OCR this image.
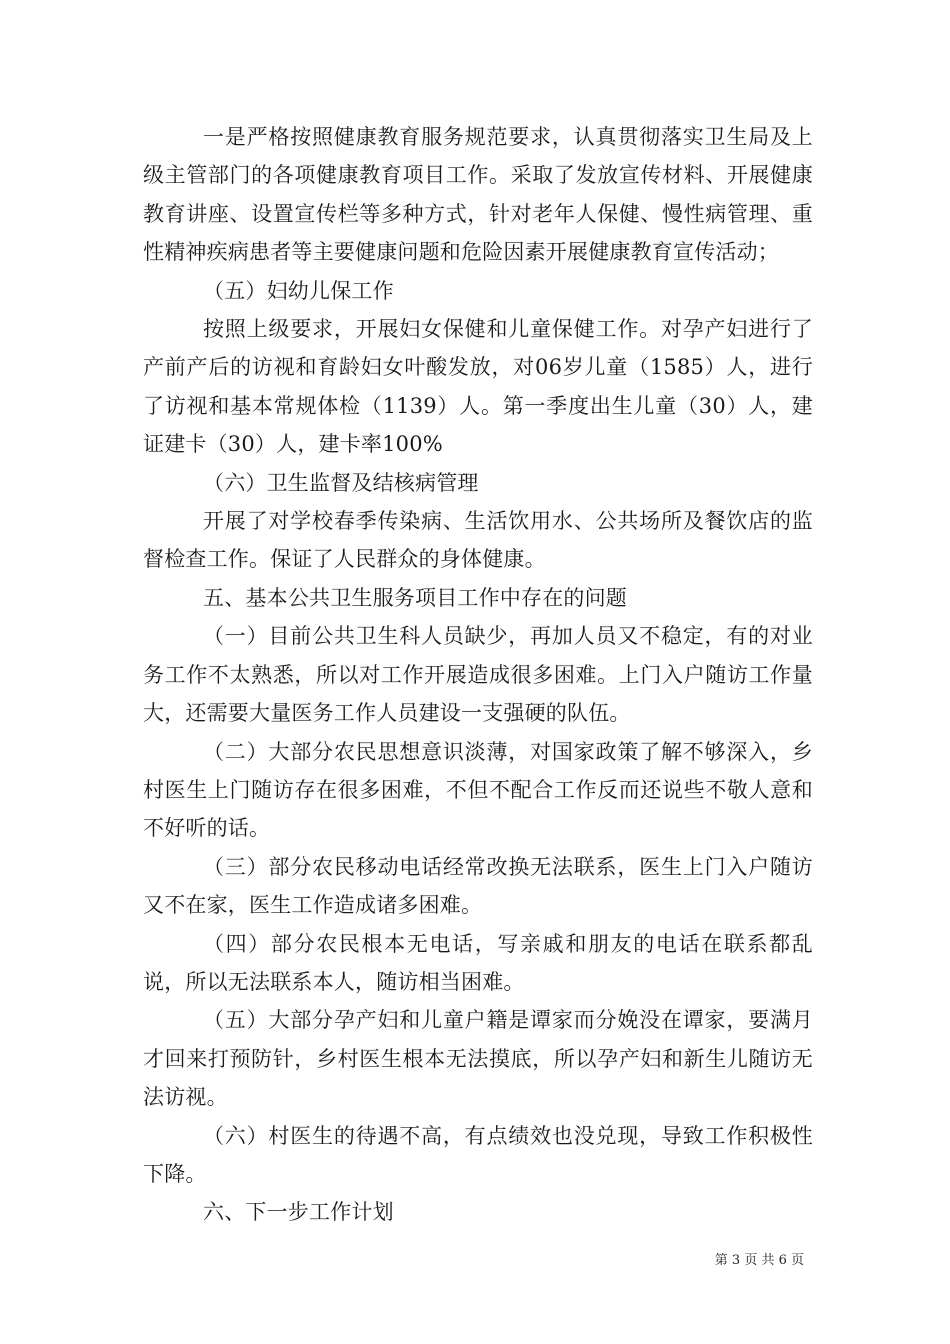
一是严格按照健康教育服务规范要求，认真贯彻落实卫生局及上级主管部门的各项健康教育项目工作。采取了发放宣传材料、开展健康教育讲座、设置宣传栏等多种方式，针对老年人保健、慢性病管理、重性精神疾病患者等主要健康问题和危险因素开展健康教育宣传活动；

（五）妇幼儿保工作

按照上级要求，开展妇女保健和儿童保健工作。对孕产妇进行了产前产后的访视和育龄妇女叶酸发放，对06岁儿童（1585）人，进行了访视和基本常规体检（1139）人。第一季度出生儿童（30）人，建证建卡（30）人，建卡率100%

（六）卫生监督及结核病管理

开展了对学校春季传染病、生活饮用水、公共场所及餐饮店的监督检查工作。保证了人民群众的身体健康。

五、基本公共卫生服务项目工作中存在的问题

（一）目前公共卫生科人员缺少，再加人员又不稳定，有的对业务工作不太熟悉，所以对工作开展造成很多困难。上门入户随访工作量大，还需要大量医务工作人员建设一支强硬的队伍。

（二）大部分农民思想意识淡薄，对国家政策了解不够深入，乡村医生上门随访存在很多困难，不但不配合工作反而还说些不敬人意和不好听的话。

（三）部分农民移动电话经常改换无法联系，医生上门入户随访又不在家，医生工作造成诸多困难。

（四）部分农民根本无电话，写亲戚和朋友的电话在联系都乱说，所以无法联系本人，随访相当困难。

（五）大部分孕产妇和儿童户籍是谭家而分娩没在谭家，要满月才回来打预防针，乡村医生根本无法摸底，所以孕产妇和新生儿随访无法访视。

（六）村医生的待遇不高，有点绩效也没兑现，导致工作积极性下降。

六、下一步工作计划

第 3 页 共 6 页
